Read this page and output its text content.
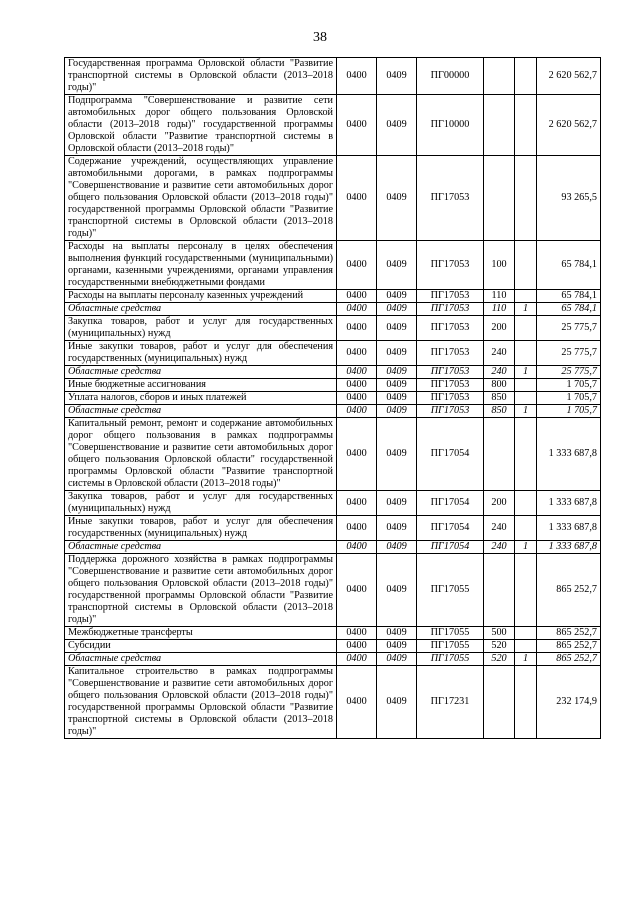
38
Государственная программа Орловской области "Развитие транспортной системы в Орловской области (2013–2018 годы)"	0400	0409	ПГ00000			2 620 562,7
Подпрограмма "Совершенствование и развитие сети автомобильных дорог общего пользования Орловской области (2013–2018 годы)" государственной программы Орловской области "Развитие транспортной системы в Орловской области (2013–2018 годы)"	0400	0409	ПГ10000			2 620 562,7
Содержание учреждений, осуществляющих управление автомобильными дорогами, в рамках подпрограммы "Совершенствование и развитие сети автомобильных дорог общего пользования Орловской области (2013–2018 годы)" государственной программы Орловской области "Развитие транспортной системы в Орловской области (2013–2018 годы)"	0400	0409	ПГ17053			93 265,5
Расходы на выплаты персоналу в целях обеспечения выполнения функций государственными (муниципальными) органами, казенными учреждениями, органами управления государственными внебюджетными фондами	0400	0409	ПГ17053	100		65 784,1
Расходы на выплаты персоналу казенных учреждений	0400	0409	ПГ17053	110		65 784,1
Областные средства	0400	0409	ПГ17053	110	1	65 784,1
Закупка товаров, работ и услуг для государственных (муниципальных) нужд	0400	0409	ПГ17053	200		25 775,7
Иные закупки товаров, работ и услуг для обеспечения государственных (муниципальных) нужд	0400	0409	ПГ17053	240		25 775,7
Областные средства	0400	0409	ПГ17053	240	1	25 775,7
Иные бюджетные ассигнования	0400	0409	ПГ17053	800		1 705,7
Уплата налогов, сборов и иных платежей	0400	0409	ПГ17053	850		1 705,7
Областные средства	0400	0409	ПГ17053	850	1	1 705,7
Капитальный ремонт, ремонт и содержание автомобильных дорог общего пользования в рамках подпрограммы "Совершенствование и развитие сети автомобильных дорог общего пользования Орловской области" государственной программы Орловской области "Развитие транспортной системы в Орловской области (2013–2018 годы)"	0400	0409	ПГ17054			1 333 687,8
Закупка товаров, работ и услуг для государственных (муниципальных) нужд	0400	0409	ПГ17054	200		1 333 687,8
Иные закупки товаров, работ и услуг для обеспечения государственных (муниципальных) нужд	0400	0409	ПГ17054	240		1 333 687,8
Областные средства	0400	0409	ПГ17054	240	1	1 333 687,8
Поддержка дорожного хозяйства в рамках подпрограммы "Совершенствование и развитие сети автомобильных дорог общего пользования Орловской области (2013–2018 годы)" государственной программы Орловской области "Развитие транспортной системы в Орловской области (2013–2018 годы)"	0400	0409	ПГ17055			865 252,7
Межбюджетные трансферты	0400	0409	ПГ17055	500		865 252,7
Субсидии	0400	0409	ПГ17055	520		865 252,7
Областные средства	0400	0409	ПГ17055	520	1	865 252,7
Капитальное строительство в рамках подпрограммы "Совершенствование и развитие сети автомобильных дорог общего пользования Орловской области (2013–2018 годы)" государственной программы Орловской области "Развитие транспортной системы в Орловской области (2013–2018 годы)"	0400	0409	ПГ17231			232 174,9
